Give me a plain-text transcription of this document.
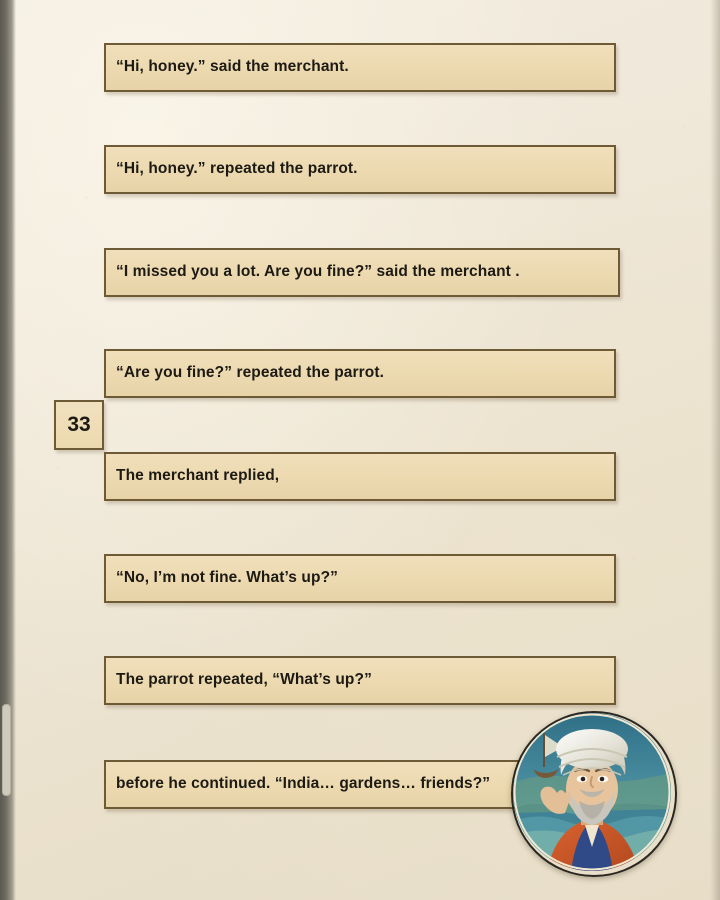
“Hi, honey.” said the merchant.
“Hi, honey.” repeated the parrot.
“I missed you a lot. Are you fine?” said the merchant .
“Are you fine?” repeated the parrot.
33
The merchant replied,
“No, I’m not fine. What’s up?”
The parrot repeated, “What’s up?”
before he continued. “India… gardens… friends?”
